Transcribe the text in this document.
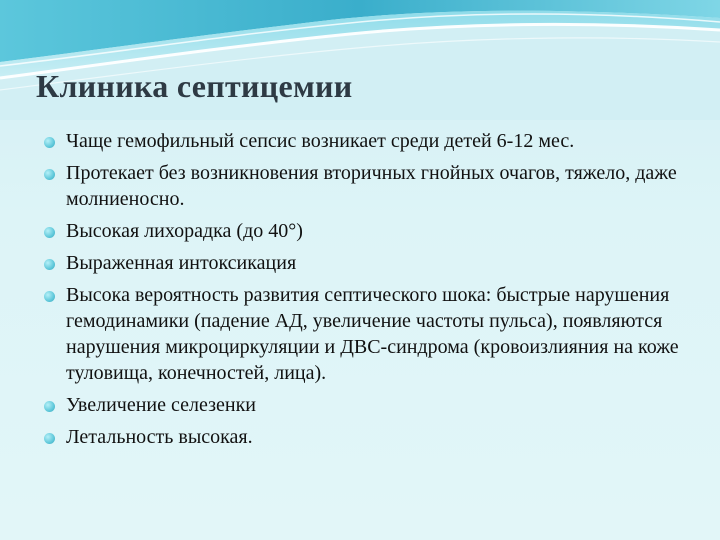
Клиника септицемии
Чаще гемофильный сепсис возникает среди детей 6-12 мес.
Протекает без возникновения вторичных гнойных очагов, тяжело, даже молниеносно.
Высокая лихорадка (до 40°)
Выраженная интоксикация
Высока вероятность развития септического шока: быстрые нарушения гемодинамики (падение АД, увеличение частоты пульса), появляются нарушения микроциркуляции и ДВС-синдрома (кровоизлияния на коже туловища, конечностей, лица).
Увеличение селезенки
Летальность высокая.
